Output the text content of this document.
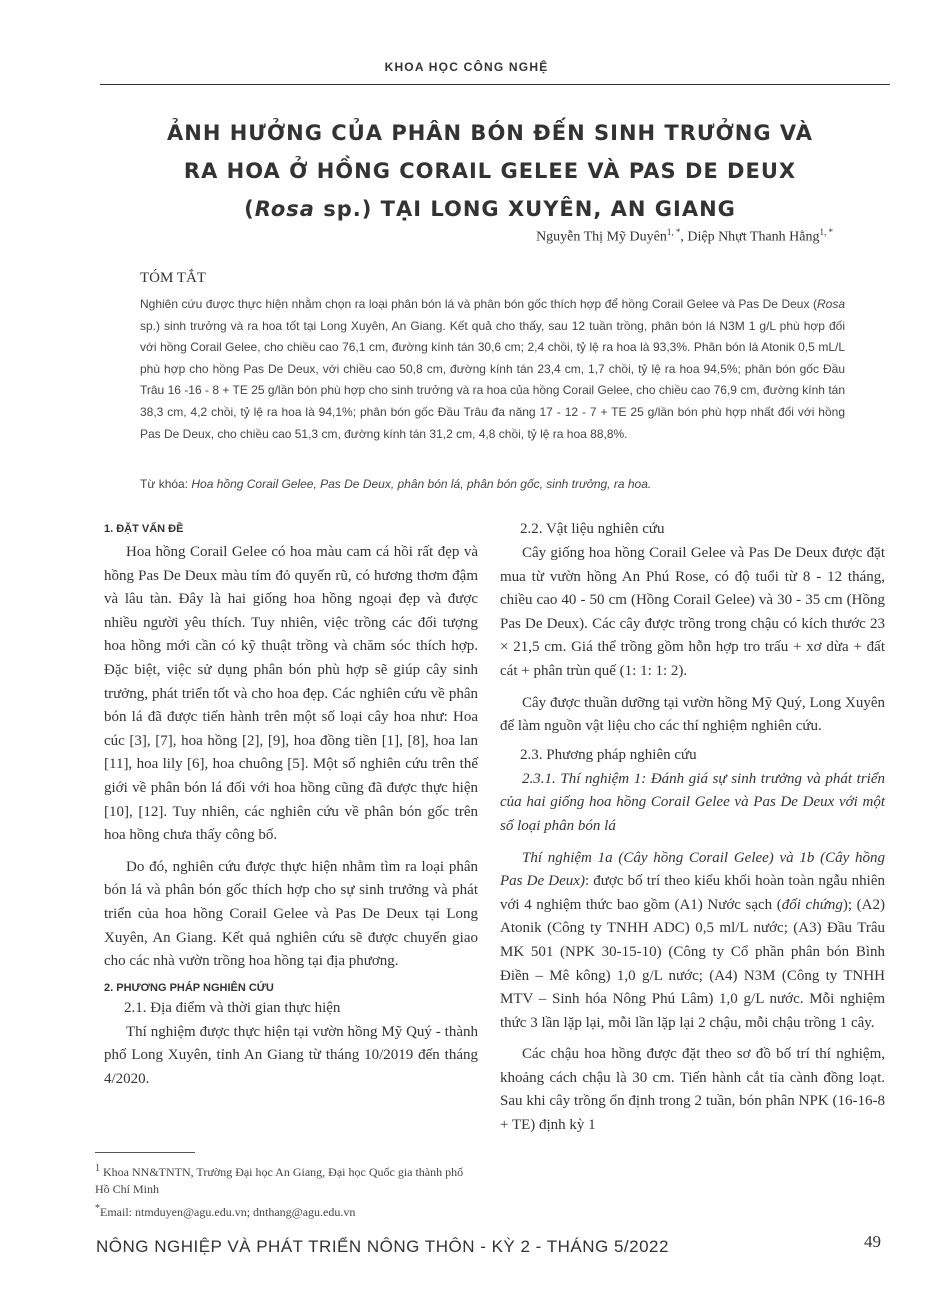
KHOA HỌC CÔNG NGHỆ
ẢNH HƯỞNG CỦA PHÂN BÓN ĐẾN SINH TRƯỞNG VÀ
RA HOA Ở HỒNG CORAIL GELEE VÀ PAS DE DEUX
(Rosa sp.) TẠI LONG XUYÊN, AN GIANG
Nguyễn Thị Mỹ Duyên$^{1, *}$, Diệp Nhựt Thanh Hằng$^{1, *}$
TÓM TẮT

Nghiên cứu được thực hiện nhằm chọn ra loại phân bón lá và phân bón gốc thích hợp để hồng Corail Gelee và Pas De Deux (Rosa sp.) sinh trưởng và ra hoa tốt tại Long Xuyên, An Giang. Kết quả cho thấy, sau 12 tuần trồng, phân bón lá N3M 1 g/L phù hợp đối với hồng Corail Gelee, cho chiều cao 76,1 cm, đường kính tán 30,6 cm; 2,4 chồi, tỷ lệ ra hoa là 93,3%. Phân bón lá Atonik 0,5 mL/L phù hợp cho hồng Pas De Deux, với chiều cao 50,8 cm, đường kính tán 23,4 cm, 1,7 chồi, tỷ lệ ra hoa 94,5%; phân bón gốc Đầu Trâu 16 -16 - 8 + TE 25 g/lần bón phù hợp cho sinh trưởng và ra hoa của hồng Corail Gelee, cho chiều cao 76,9 cm, đường kính tán 38,3 cm, 4,2 chồi, tỷ lệ ra hoa là 94,1%; phân bón gốc Đầu Trâu đa năng 17 - 12 - 7 + TE 25 g/lần bón phù hợp nhất đối với hồng Pas De Deux, cho chiều cao 51,3 cm, đường kính tán 31,2 cm, 4,8 chồi, tỷ lệ ra hoa 88,8%.

Từ khóa: Hoa hồng Corail Gelee, Pas De Deux, phân bón lá, phân bón gốc, sinh trưởng, ra hoa.

1. ĐẶT VẤN ĐỀ

Hoa hồng Corail Gelee có hoa màu cam cá hồi rất đẹp và hồng Pas De Deux màu tím đỏ quyến rũ, có hương thơm đậm và lâu tàn. Đây là hai giống hoa hồng ngoại đẹp và được nhiều người yêu thích. Tuy nhiên, việc trồng các đối tượng hoa hồng mới cần có kỹ thuật trồng và chăm sóc thích hợp. Đặc biệt, việc sử dụng phân bón phù hợp sẽ giúp cây sinh trưởng, phát triển tốt và cho hoa đẹp. Các nghiên cứu về phân bón lá đã được tiến hành trên một số loại cây hoa như: Hoa cúc [3], [7], hoa hồng [2], [9], hoa đồng tiền [1], [8], hoa lan [11], hoa lily [6], hoa chuông [5]. Một số nghiên cứu trên thế giới về phân bón lá đối với hoa hồng cũng đã được thực hiện [10], [12]. Tuy nhiên, các nghiên cứu về phân bón gốc trên hoa hồng chưa thấy công bố.

Do đó, nghiên cứu được thực hiện nhằm tìm ra loại phân bón lá và phân bón gốc thích hợp cho sự sinh trưởng và phát triển của hoa hồng Corail Gelee và Pas De Deux tại Long Xuyên, An Giang. Kết quả nghiên cứu sẽ được chuyển giao cho các nhà vườn trồng hoa hồng tại địa phương.

2. PHƯƠNG PHÁP NGHIÊN CỨU
2.1. Địa điểm và thời gian thực hiện

Thí nghiệm được thực hiện tại vườn hồng Mỹ Quý - thành phố Long Xuyên, tỉnh An Giang từ tháng 10/2019 đến tháng 4/2020.

2.2. Vật liệu nghiên cứu

Cây giống hoa hồng Corail Gelee và Pas De Deux được đặt mua từ vườn hồng An Phú Rose, có độ tuổi từ 8 - 12 tháng, chiều cao 40 - 50 cm (Hồng Corail Gelee) và 30 - 35 cm (Hồng Pas De Deux). Các cây được trồng trong chậu có kích thước 23 × 21,5 cm. Giá thể trồng gồm hỗn hợp tro trấu + xơ dừa + đất cát + phân trùn quế (1: 1: 1: 2).

Cây được thuần dưỡng tại vườn hồng Mỹ Quý, Long Xuyên để làm nguồn vật liệu cho các thí nghiệm nghiên cứu.

2.3. Phương pháp nghiên cứu

2.3.1. Thí nghiệm 1: Đánh giá sự sinh trưởng và phát triển của hai giống hoa hồng Corail Gelee và Pas De Deux với một số loại phân bón lá

Thí nghiệm 1a (Cây hồng Corail Gelee) và 1b (Cây hồng Pas De Deux): được bố trí theo kiểu khối hoàn toàn ngẫu nhiên với 4 nghiệm thức bao gồm (A1) Nước sạch (đối chứng); (A2) Atonik (Công ty TNHH ADC) 0,5 ml/L nước; (A3) Đầu Trâu MK 501 (NPK 30-15-10) (Công ty Cổ phần phân bón Bình Điền – Mê kông) 1,0 g/L nước; (A4) N3M (Công ty TNHH MTV – Sinh hóa Nông Phú Lâm) 1,0 g/L nước. Mỗi nghiệm thức 3 lần lặp lại, mỗi lần lặp lại 2 chậu, mỗi chậu trồng 1 cây.

Các chậu hoa hồng được đặt theo sơ đồ bố trí thí nghiệm, khoảng cách chậu là 30 cm. Tiến hành cắt tỉa cành đồng loạt. Sau khi cây trồng ổn định trong 2 tuần, bón phân NPK (16-16-8 + TE) định kỳ 1

$^1$ Khoa NN&TNTN, Trường Đại học An Giang, Đại học Quốc gia thành phố Hồ Chí Minh

*Email: ntmduyen@agu.edu.vn; dnthang@agu.edu.vn

NÔNG NGHIỆP VÀ PHÁT TRIỂN NÔNG THÔN - KỲ 2 - THÁNG 5/2022	49
